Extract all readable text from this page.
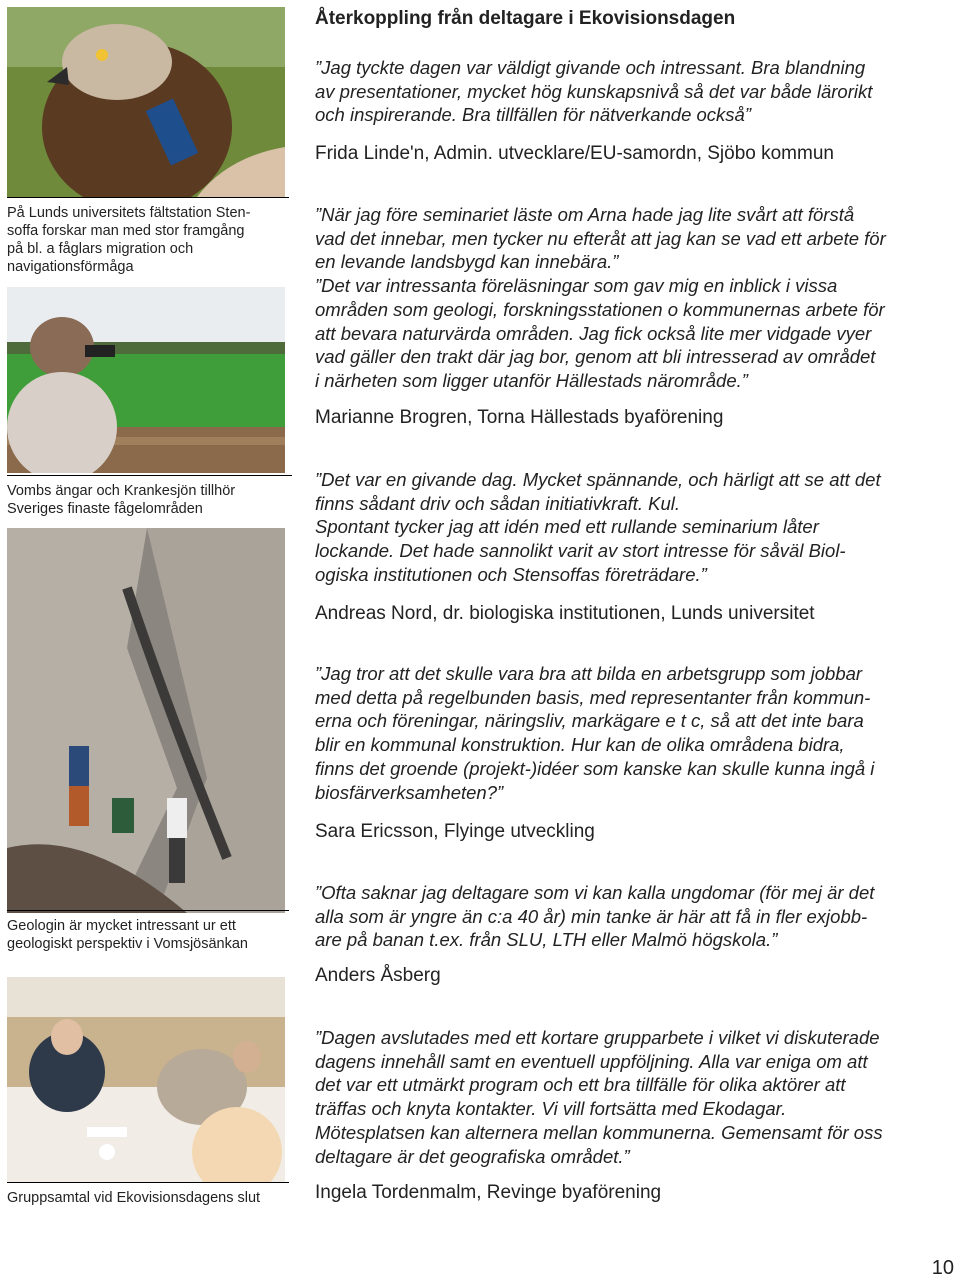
På Lunds universitets fältstation Sten-
soffa forskar man med stor framgång
på bl. a fåglars migration och
navigationsförmåga
Vombs ängar och Krankesjön tillhör
Sveriges finaste fågelområden
Geologin är mycket intressant ur ett
geologiskt perspektiv i Vomsjösänkan
Gruppsamtal vid Ekovisionsdagens slut
Återkoppling från deltagare i Ekovisionsdagen

”Jag tyckte dagen var väldigt givande och intressant. Bra blandning
av presentationer, mycket hög kunskapsnivå så det var både lärorikt
och inspirerande. Bra tillfällen för nätverkande också”

Frida Linde'n, Admin. utvecklare/EU-samordn, Sjöbo kommun

”När jag före seminariet läste om Arna hade jag lite svårt att förstå
vad det innebar, men tycker nu efteråt att jag kan se vad ett arbete för
en levande landsbygd kan innebära.”

”Det var intressanta föreläsningar som gav mig en inblick i vissa
områden som geologi, forskningsstationen o kommunernas arbete för
att bevara naturvärda områden. Jag fick också lite mer vidgade vyer
vad gäller den trakt där jag bor, genom att bli intresserad av området
i närheten som ligger utanför Hällestads närområde.”

Marianne Brogren, Torna Hällestads byaförening

”Det var en givande dag. Mycket spännande, och härligt att se att det
finns sådant driv och sådan initiativkraft. Kul.

Spontant tycker jag att idén med ett rullande seminarium låter
lockande. Det hade sannolikt varit av stort intresse för såväl Biol-
ogiska institutionen och Stensoffas företrädare.”

Andreas Nord, dr. biologiska institutionen, Lunds universitet

”Jag tror att det skulle vara bra att bilda en arbetsgrupp som jobbar
med detta på regelbunden basis, med representanter från kommun-
erna och föreningar, näringsliv, markägare e t c, så att det inte bara
blir en kommunal konstruktion. Hur kan de olika områdena bidra,
finns det groende (projekt-)idéer som kanske kan skulle kunna ingå i
biosfärverksamheten?”

Sara Ericsson, Flyinge utveckling

”Ofta saknar jag deltagare som vi kan kalla ungdomar (för mej är det
alla som är yngre än c:a 40 år) min tanke är här att få in fler exjobb-
are på banan t.ex. från SLU, LTH eller Malmö högskola.”

Anders Åsberg

”Dagen avslutades med ett kortare grupparbete i vilket vi diskuterade
dagens innehåll samt en eventuell uppföljning. Alla var eniga om att
det var ett utmärkt program och ett bra tillfälle för olika aktörer att
träffas och knyta kontakter. Vi vill fortsätta med Ekodagar.
Mötesplatsen kan alternera mellan kommunerna. Gemensamt för oss
deltagare är det geografiska området.”

Ingela Tordenmalm, Revinge byaförening
10
